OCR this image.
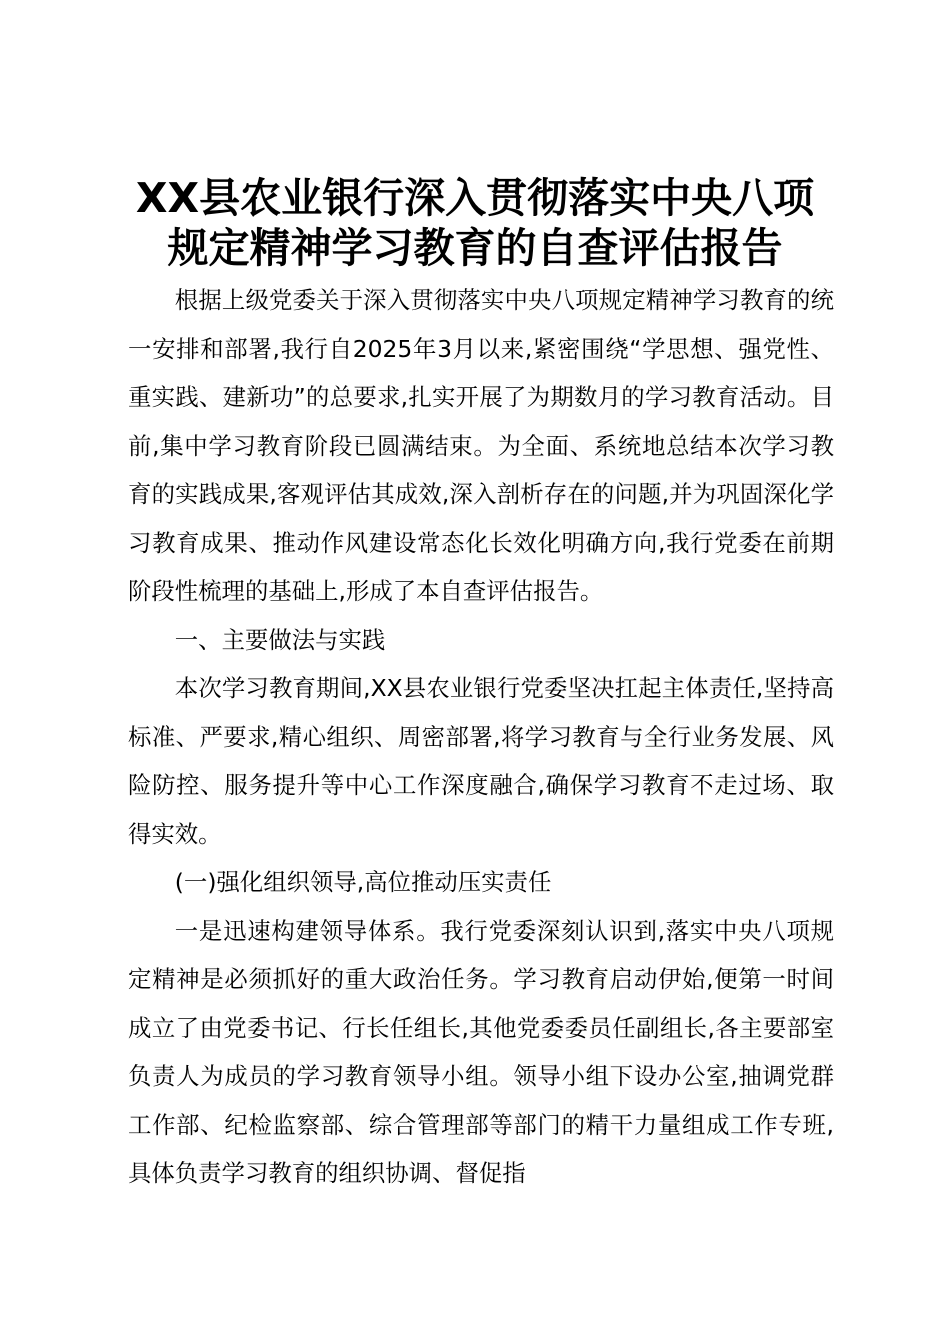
XX县农业银行深入贯彻落实中央八项
规定精神学习教育的自查评估报告

根据上级党委关于深入贯彻落实中央八项规定精神学习教育的统一安排和部署,我行自2025年3月以来,紧密围绕“学思想、强党性、重实践、建新功”的总要求,扎实开展了为期数月的学习教育活动。目前,集中学习教育阶段已圆满结束。为全面、系统地总结本次学习教育的实践成果,客观评估其成效,深入剖析存在的问题,并为巩固深化学习教育成果、推动作风建设常态化长效化明确方向,我行党委在前期阶段性梳理的基础上,形成了本自查评估报告。

一、主要做法与实践

本次学习教育期间,XX县农业银行党委坚决扛起主体责任,坚持高标准、严要求,精心组织、周密部署,将学习教育与全行业务发展、风险防控、服务提升等中心工作深度融合,确保学习教育不走过场、取得实效。

(一)强化组织领导,高位推动压实责任

一是迅速构建领导体系。我行党委深刻认识到,落实中央八项规定精神是必须抓好的重大政治任务。学习教育启动伊始,便第一时间成立了由党委书记、行长任组长,其他党委委员任副组长,各主要部室负责人为成员的学习教育领导小组。领导小组下设办公室,抽调党群工作部、纪检监察部、综合管理部等部门的精干力量组成工作专班,具体负责学习教育的组织协调、督促指
